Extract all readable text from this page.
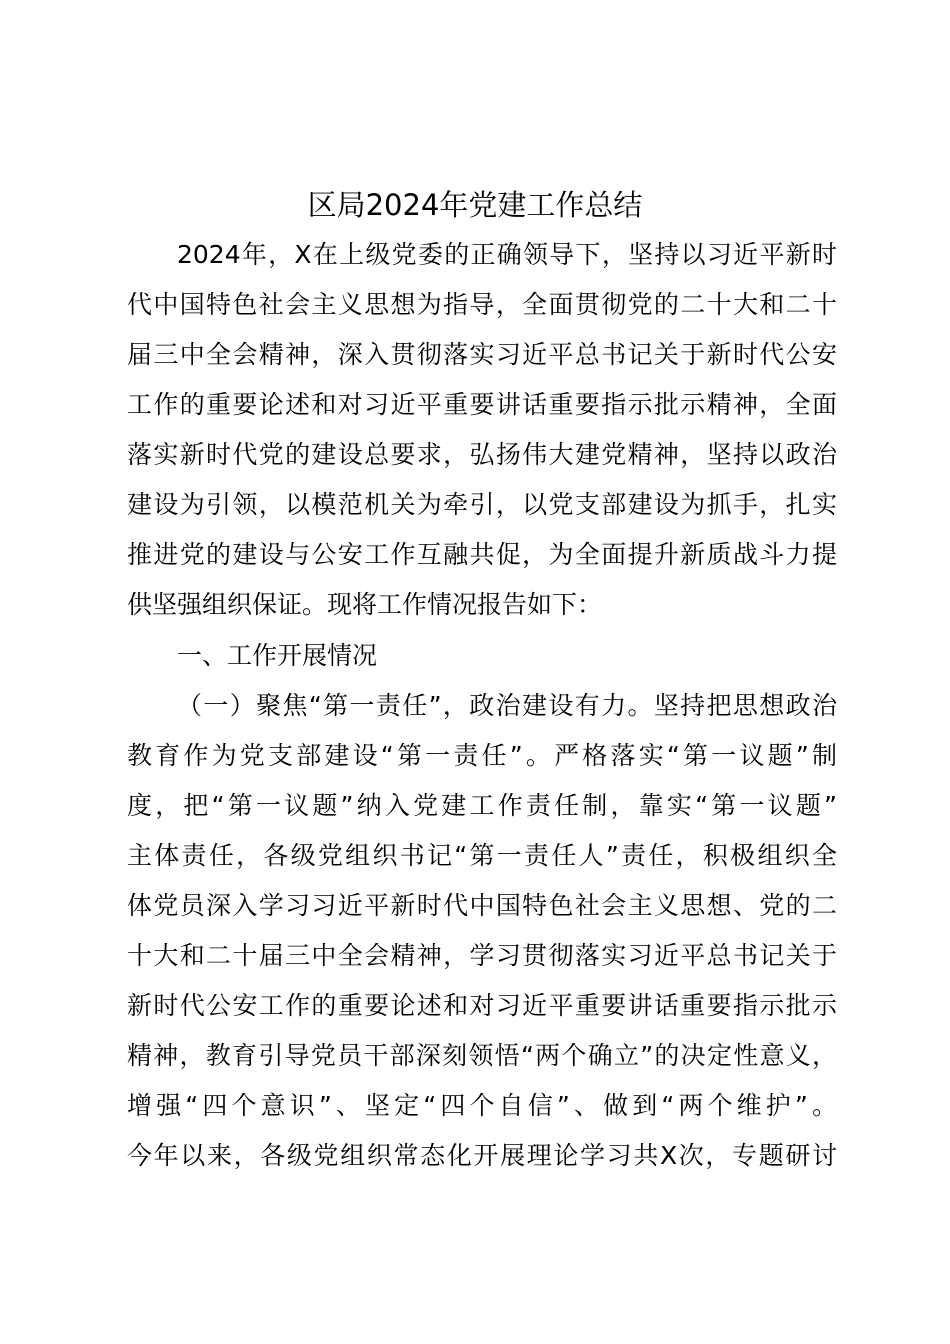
区局2024年党建工作总结
2024年，X在上级党委的正确领导下，坚持以习近平新时
代中国特色社会主义思想为指导，全面贯彻党的二十大和二十
届三中全会精神，深入贯彻落实习近平总书记关于新时代公安
工作的重要论述和对习近平重要讲话重要指示批示精神，全面
落实新时代党的建设总要求，弘扬伟大建党精神，坚持以政治
建设为引领，以模范机关为牵引，以党支部建设为抓手，扎实
推进党的建设与公安工作互融共促，为全面提升新质战斗力提
供坚强组织保证。现将工作情况报告如下：
一、工作开展情况
（一）聚焦“第一责任”，政治建设有力。坚持把思想政治
教育作为党支部建设“第一责任”。严格落实“第一议题”制
度，把“第一议题”纳入党建工作责任制，靠实“第一议题”
主体责任，各级党组织书记“第一责任人”责任，积极组织全
体党员深入学习习近平新时代中国特色社会主义思想、党的二
十大和二十届三中全会精神，学习贯彻落实习近平总书记关于
新时代公安工作的重要论述和对习近平重要讲话重要指示批示
精神，教育引导党员干部深刻领悟“两个确立”的决定性意义，
增强“四个意识”、坚定“四个自信”、做到“两个维护”。
今年以来，各级党组织常态化开展理论学习共X次，专题研讨
